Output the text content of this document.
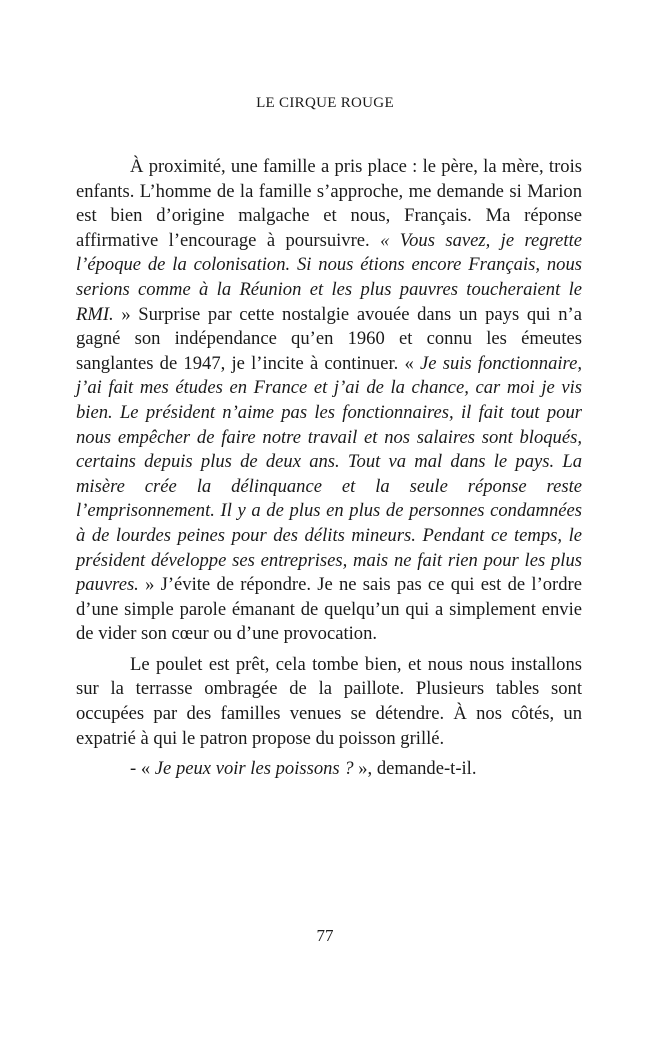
LE CIRQUE ROUGE

À proximité, une famille a pris place : le père, la mère, trois enfants. L’homme de la famille s’approche, me demande si Marion est bien d’origine malgache et nous, Français. Ma réponse affirmative l’encourage à poursuivre. « Vous savez, je regrette l’époque de la colonisation. Si nous étions encore Français, nous serions comme à la Réunion et les plus pauvres toucheraient le RMI. » Surprise par cette nostalgie avouée dans un pays qui n’a gagné son indépendance qu’en 1960 et connu les émeutes sanglantes de 1947, je l’incite à continuer. « Je suis fonctionnaire, j’ai fait mes études en France et j’ai de la chance, car moi je vis bien. Le président n’aime pas les fonctionnaires, il fait tout pour nous empêcher de faire notre travail et nos salaires sont bloqués, certains depuis plus de deux ans. Tout va mal dans le pays. La misère crée la délinquance et la seule réponse reste l’emprisonnement. Il y a de plus en plus de personnes condamnées à de lourdes peines pour des délits mineurs. Pendant ce temps, le président développe ses entreprises, mais ne fait rien pour les plus pauvres. » J’évite de répondre. Je ne sais pas ce qui est de l’ordre d’une simple parole émanant de quelqu’un qui a simplement envie de vider son cœur ou d’une provocation.

Le poulet est prêt, cela tombe bien, et nous nous installons sur la terrasse ombragée de la paillote. Plusieurs tables sont occupées par des familles venues se détendre. À nos côtés, un expatrié à qui le patron propose du poisson grillé.

- « Je peux voir les poissons ? », demande-t-il.

77
